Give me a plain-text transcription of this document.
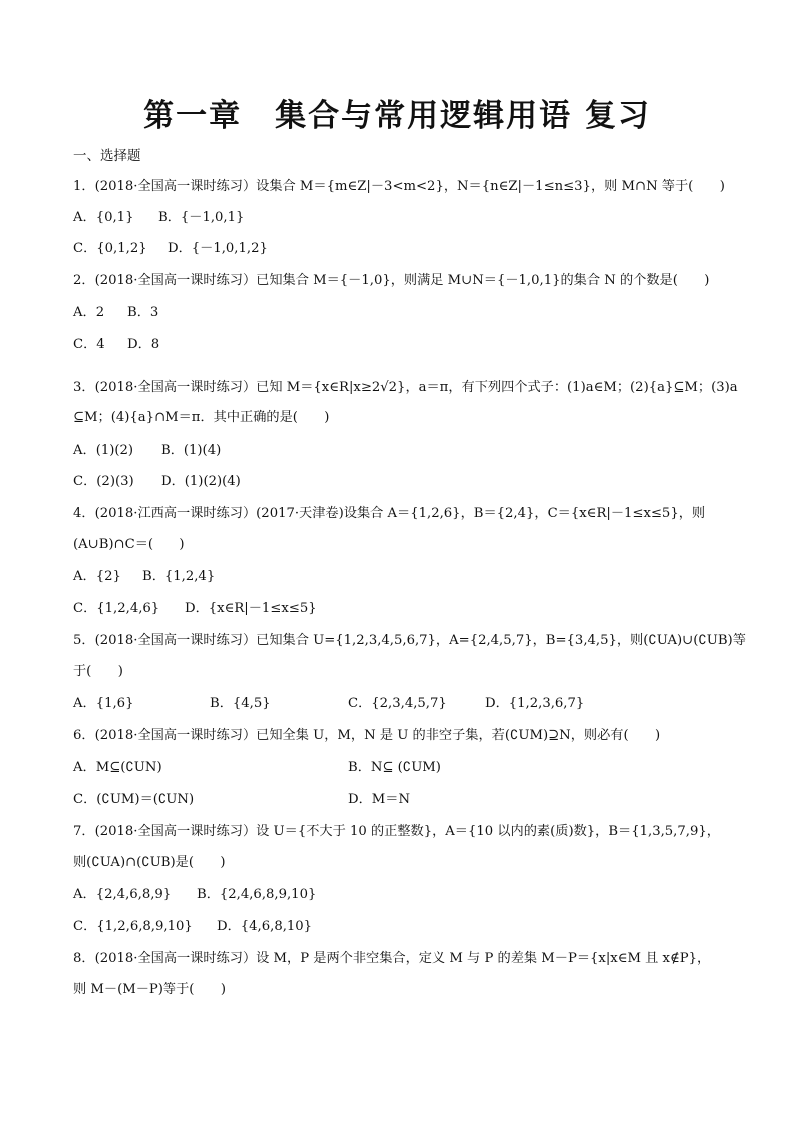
第一章　集合与常用逻辑用语 复习
一、选择题
1．(2018·全国高一课时练习）设集合 M＝{m∈Z|－3<m<2}，N＝{n∈Z|－1≤n≤3}，则 M∩N 等于(　　)
A．{0,1} B．{－1,0,1}
C．{0,1,2} D．{－1,0,1,2}
2．(2018·全国高一课时练习）已知集合 M＝{－1,0}，则满足 M∪N＝{－1,0,1}的集合 N 的个数是(　　)
A．2 B．3
C．4 D．8
3．(2018·全国高一课时练习）已知 M＝{x∈R|x≥2√2}，a＝π，有下列四个式子：(1)a∈M；(2){a}⊆M；(3)a
⊆M；(4){a}∩M＝π．其中正确的是(　　)
A．(1)(2) B．(1)(4)
C．(2)(3) D．(1)(2)(4)
4．(2018·江西高一课时练习）(2017·天津卷)设集合 A＝{1,2,6}，B＝{2,4}，C＝{x∈R|－1≤x≤5}，则
(A∪B)∩C＝(　　)
A．{2} B．{1,2,4}
C．{1,2,4,6} D．{x∈R|－1≤x≤5}
5．(2018·全国高一课时练习）已知集合 U={1,2,3,4,5,6,7}，A={2,4,5,7}，B={3,4,5}，则(∁UA)∪(∁UB)等
于(　　)
A．{1,6}	B．{4,5}	C．{2,3,4,5,7}	D．{1,2,3,6,7}
6．(2018·全国高一课时练习）已知全集 U，M，N 是 U 的非空子集，若(∁UM)⊇N，则必有(　　)
A．M⊆(∁UN)	B．N⊆ (∁UM)
C．(∁UM)＝(∁UN)	D．M＝N
7．(2018·全国高一课时练习）设 U＝{不大于 10 的正整数}，A＝{10 以内的素(质)数}，B＝{1,3,5,7,9}，
则(∁UA)∩(∁UB)是(　　)
A．{2,4,6,8,9} B．{2,4,6,8,9,10}
C．{1,2,6,8,9,10} D．{4,6,8,10}
8．(2018·全国高一课时练习）设 M，P 是两个非空集合，定义 M 与 P 的差集 M－P＝{x|x∈M 且 x∉P}，
则 M－(M－P)等于(　　)
